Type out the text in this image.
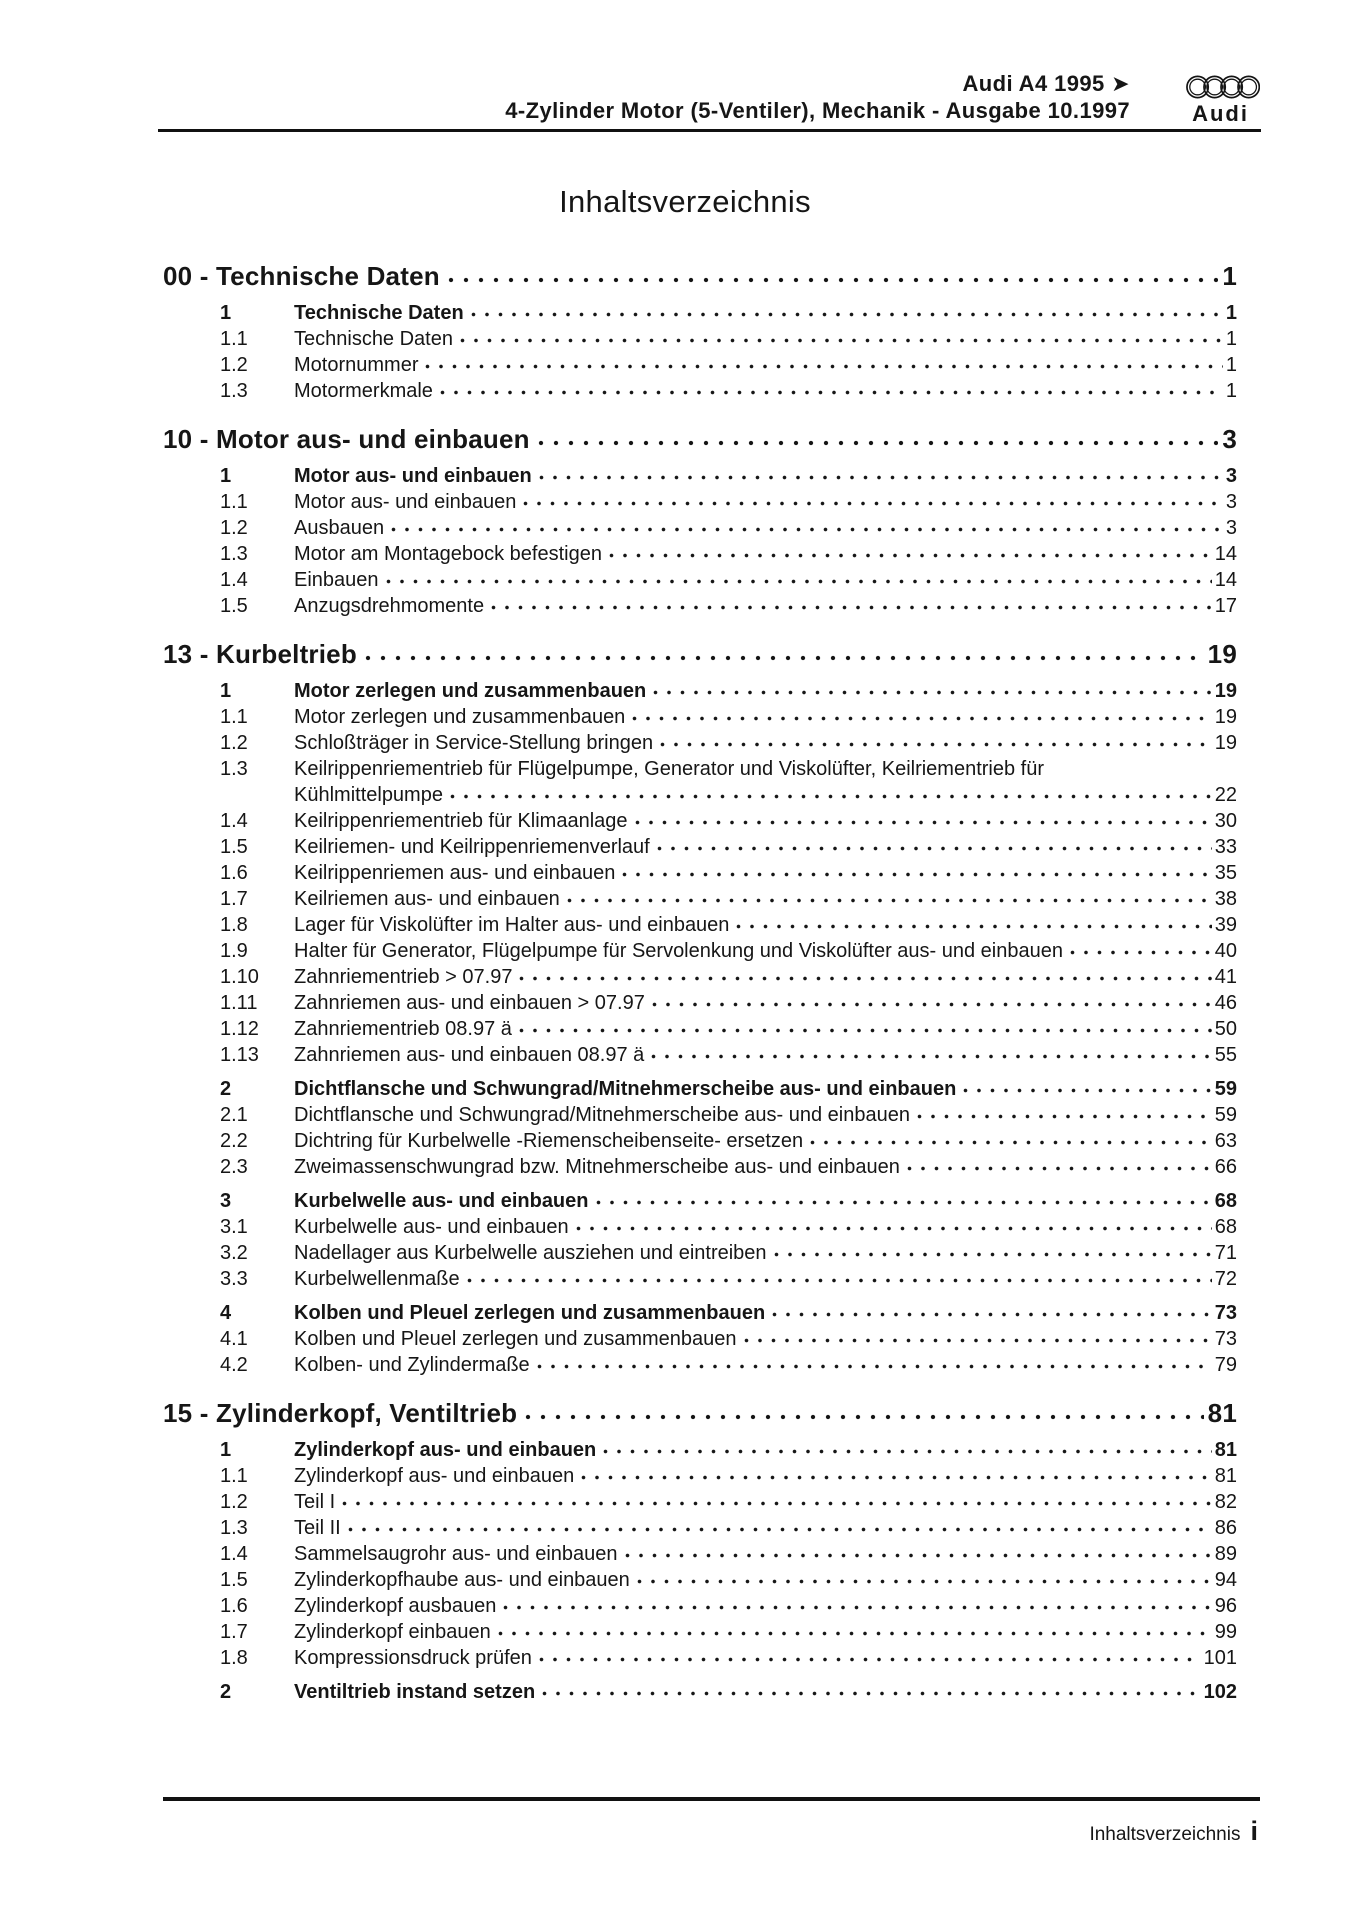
Audi A4 1995 ➤
4-Zylinder Motor (5-Ventiler), Mechanik - Ausgabe 10.1997	Audi
Inhaltsverzeichnis
00 - Technische Daten	1
1	Technische Daten	1
1.1	Technische Daten	1
1.2	Motornummer	1
1.3	Motormerkmale	1
10 - Motor aus- und einbauen	3
1	Motor aus- und einbauen	3
1.1	Motor aus- und einbauen	3
1.2	Ausbauen	3
1.3	Motor am Montagebock befestigen	14
1.4	Einbauen	14
1.5	Anzugsdrehmomente	17
13 - Kurbeltrieb	19
1	Motor zerlegen und zusammenbauen	19
1.1	Motor zerlegen und zusammenbauen	19
1.2	Schloßträger in Service-Stellung bringen	19
1.3	Keilrippenriementrieb für Flügelpumpe, Generator und Viskolüfter, Keilriementrieb für
Kühlmittelpumpe	22
1.4	Keilrippenriementrieb für Klimaanlage	30
1.5	Keilriemen- und Keilrippenriemenverlauf	33
1.6	Keilrippenriemen aus- und einbauen	35
1.7	Keilriemen aus- und einbauen	38
1.8	Lager für Viskolüfter im Halter aus- und einbauen	39
1.9	Halter für Generator, Flügelpumpe für Servolenkung und Viskolüfter aus- und einbauen	40
1.10	Zahnriementrieb > 07.97	41
1.11	Zahnriemen aus- und einbauen > 07.97	46
1.12	Zahnriementrieb 08.97 ä	50
1.13	Zahnriemen aus- und einbauen 08.97 ä	55
2	Dichtflansche und Schwungrad/Mitnehmerscheibe aus- und einbauen	59
2.1	Dichtflansche und Schwungrad/Mitnehmerscheibe aus- und einbauen	59
2.2	Dichtring für Kurbelwelle -Riemenscheibenseite- ersetzen	63
2.3	Zweimassenschwungrad bzw. Mitnehmerscheibe aus- und einbauen	66
3	Kurbelwelle aus- und einbauen	68
3.1	Kurbelwelle aus- und einbauen	68
3.2	Nadellager aus Kurbelwelle ausziehen und eintreiben	71
3.3	Kurbelwellenmaße	72
4	Kolben und Pleuel zerlegen und zusammenbauen	73
4.1	Kolben und Pleuel zerlegen und zusammenbauen	73
4.2	Kolben- und Zylindermaße	79
15 - Zylinderkopf, Ventiltrieb	81
1	Zylinderkopf aus- und einbauen	81
1.1	Zylinderkopf aus- und einbauen	81
1.2	Teil I	82
1.3	Teil II	86
1.4	Sammelsaugrohr aus- und einbauen	89
1.5	Zylinderkopfhaube aus- und einbauen	94
1.6	Zylinderkopf ausbauen	96
1.7	Zylinderkopf einbauen	99
1.8	Kompressionsdruck prüfen	101
2	Ventiltrieb instand setzen	102
Inhaltsverzeichnis i
